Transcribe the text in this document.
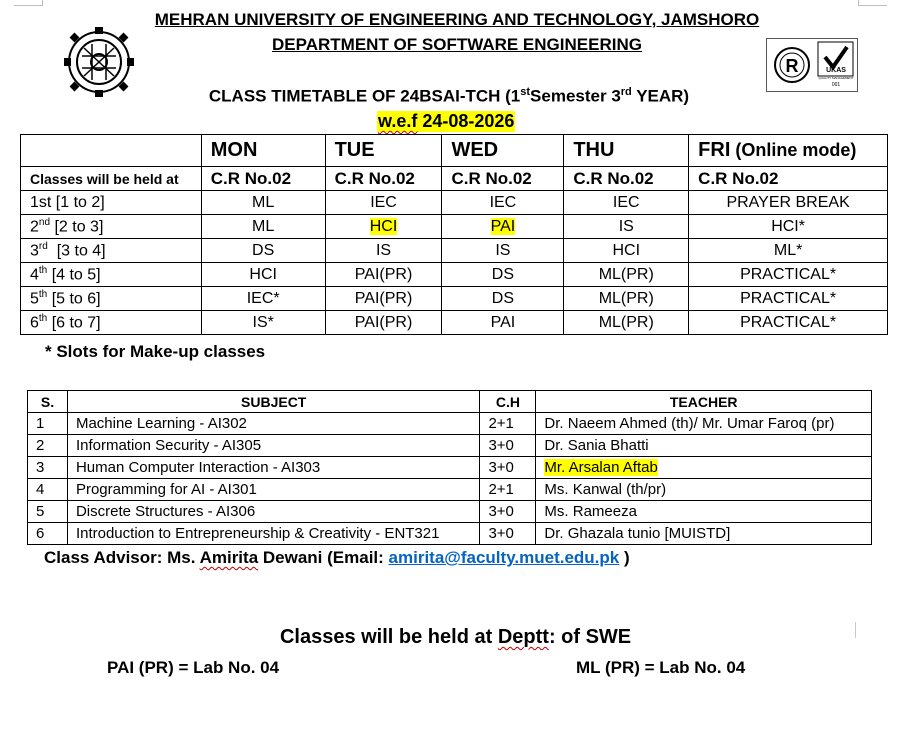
R	UKAS
QUALITY MANAGEMENT
001
MEHRAN UNIVERSITY OF ENGINEERING AND TECHNOLOGY, JAMSHORO
DEPARTMENT OF SOFTWARE ENGINEERING
CLASS TIMETABLE OF 24BSAI-TCH (1stSemester 3rd YEAR)
w.e.f 24-08-2026
	MON	TUE	WED	THU	FRI (Online mode)
Classes will be held at	C.R No.02	C.R No.02	C.R No.02	C.R No.02	C.R No.02
1st [1 to 2]	ML	IEC	IEC	IEC	PRAYER BREAK
2nd [2 to 3]	ML	HCI	PAI	IS	HCI*
3rd  [3 to 4]	DS	IS	IS	HCI	ML*
4th [4 to 5]	HCI	PAI(PR)	DS	ML(PR)	PRACTICAL*
5th [5 to 6]	IEC*	PAI(PR)	DS	ML(PR)	PRACTICAL*
6th [6 to 7]	IS*	PAI(PR)	PAI	ML(PR)	PRACTICAL*
* Slots for Make-up classes
S.	SUBJECT	C.H	TEACHER
1	Machine Learning - AI302	2+1	Dr. Naeem Ahmed (th)/ Mr. Umar Faroq (pr)
2	Information Security - AI305	3+0	Dr. Sania Bhatti
3	Human Computer Interaction - AI303	3+0	Mr. Arsalan Aftab
4	Programming for AI - AI301	2+1	Ms. Kanwal (th/pr)
5	Discrete Structures - AI306	3+0	Ms. Rameeza
6	Introduction to Entrepreneurship & Creativity - ENT321	3+0	Dr. Ghazala tunio [MUISTD]
Class Advisor: Ms. Amirita Dewani (Email: amirita@faculty.muet.edu.pk )

Classes will be held at Deptt: of SWE

PAI (PR) = Lab No. 04	ML (PR) = Lab No. 04
